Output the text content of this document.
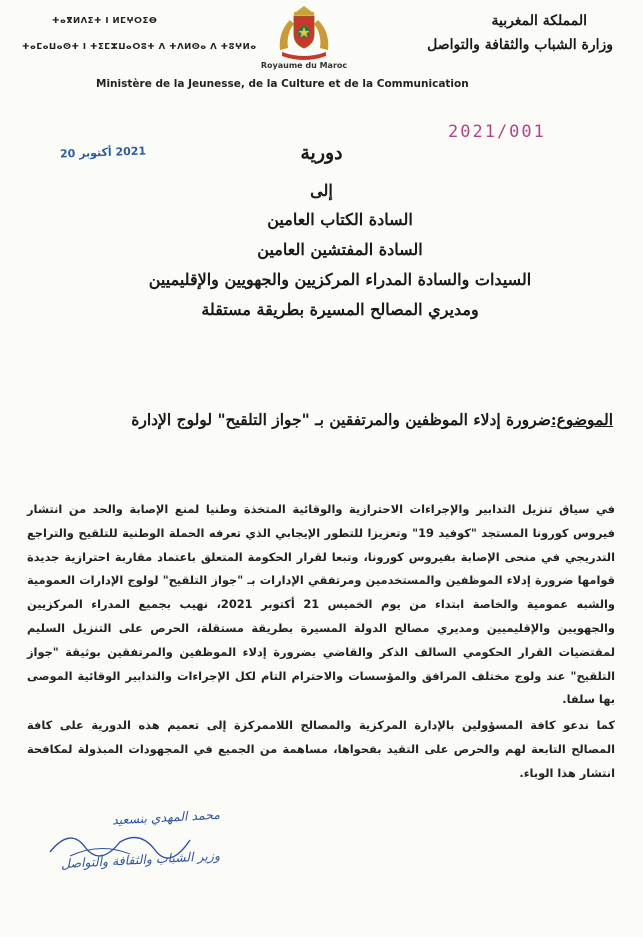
المملكة المغربية
وزارة الشباب والثقافة والتواصل
ⵜⴰⴳⵍⴷⵉⵜ ⵏ ⵍⵎⵖⵔⵉⴱ
ⵜⴰⵎⴰⵡⴰⵙⵜ ⵏ ⵜⵉⵎⵣⵡⴰⵔⵓⵜ ⴷ ⵜⴷⵍⵙⴰ ⴷ ⵜⵓⵖⵍⴰ
Royaume du Maroc
Ministère de la Jeunesse, de la Culture et de la Communication
2021/001
2021 أكتوبر 20	دورية
إلى
السادة الكتاب العامين
السادة المفتشين العامين
السيدات والسادة المدراء المركزيين والجهويين والإقليميين
ومديري المصالح المسيرة بطريقة مستقلة
الموضوع:ضرورة إدلاء الموظفين والمرتفقين بـ "جواز التلقيح" لولوج الإدارة

في سياق تنزيل التدابير والإجراءات الاحترازية والوقائية المتخذة وطنيا لمنع الإصابة والحد من انتشار فيروس كورونا المستجد "كوفيد 19" وتعزيزا للتطور الإيجابي الذي تعرفه الحملة الوطنية للتلقيح والتراجع التدريجي في منحى الإصابة بفيروس كورونا، وتبعا لقرار الحكومة المتعلق باعتماد مقاربة احترازية جديدة قوامها ضرورة إدلاء الموظفين والمستخدمين ومرتفقي الإدارات بـ "جواز التلقيح" لولوج الإدارات العمومية والشبه عمومية والخاصة ابتداء من يوم الخميس 21 أكتوبر 2021، نهيب بجميع المدراء المركزيين والجهويين والإقليميين ومديري مصالح الدولة المسيرة بطريقة مستقلة، الحرص على التنزيل السليم لمقتضيات القرار الحكومي السالف الذكر والقاضي بضرورة إدلاء الموظفين والمرتفقين بوثيقة "جواز التلقيح" عند ولوج مختلف المرافق والمؤسسات والاحترام التام لكل الإجراءات والتدابير الوقائية الموصى بها سلفا.

كما ندعو كافة المسؤولين بالإدارة المركزية والمصالح اللاممركزة إلى تعميم هذه الدورية على كافة المصالح التابعة لهم والحرص على التقيد بفحواها، مساهمة من الجميع في المجهودات المبذولة لمكافحة انتشار هذا الوباء.

محمد المهدي بنسعيد
وزير الشباب والثقافة والتواصل
